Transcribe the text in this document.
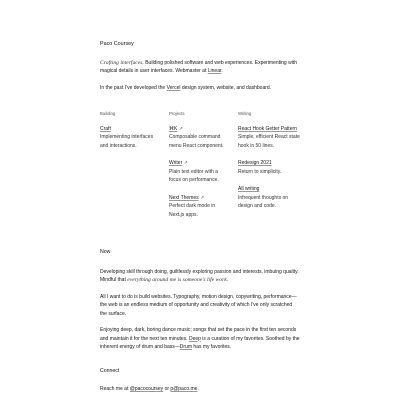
Paco Coursey

Crafting interfaces. Building polished software and web experiences. Experimenting with magical details in user interfaces. Webmaster at Linear.

In the past I've developed the Vercel design system, website, and dashboard.

Building
Craft
Implementing interfaces and interactions.
Projects
⌘K ↗
Composable command menu React component.
Writer ↗
Plain text editor with a focus on performance.
Next Themes ↗
Perfect dark mode in Next.js apps.
Writing
React Hook Getter Pattern
Simple, efficient React state hook in 50 lines.
Redesign 2021
Return to simplicity.
All writing
Infrequent thoughts on design and code.
Now

Developing skill through doing, guiltlessly exploring passion and interests, imbuing quality. Mindful that everything around me is someone's life work.

All I want to do is build websites. Typography, motion design, copywriting, performance—the web is an endless medium of opportunity and creativity of which I've only scratched the surface.

Enjoying deep, dark, boring dance music; songs that set the pace in the first ten seconds and maintain it for the next ten minutes. Deep is a curation of my favorites. Soothed by the inherent energy of drum and bass—Drum has my favorites.

Connect

Reach me at @pacocoursey or p@paco.me.
